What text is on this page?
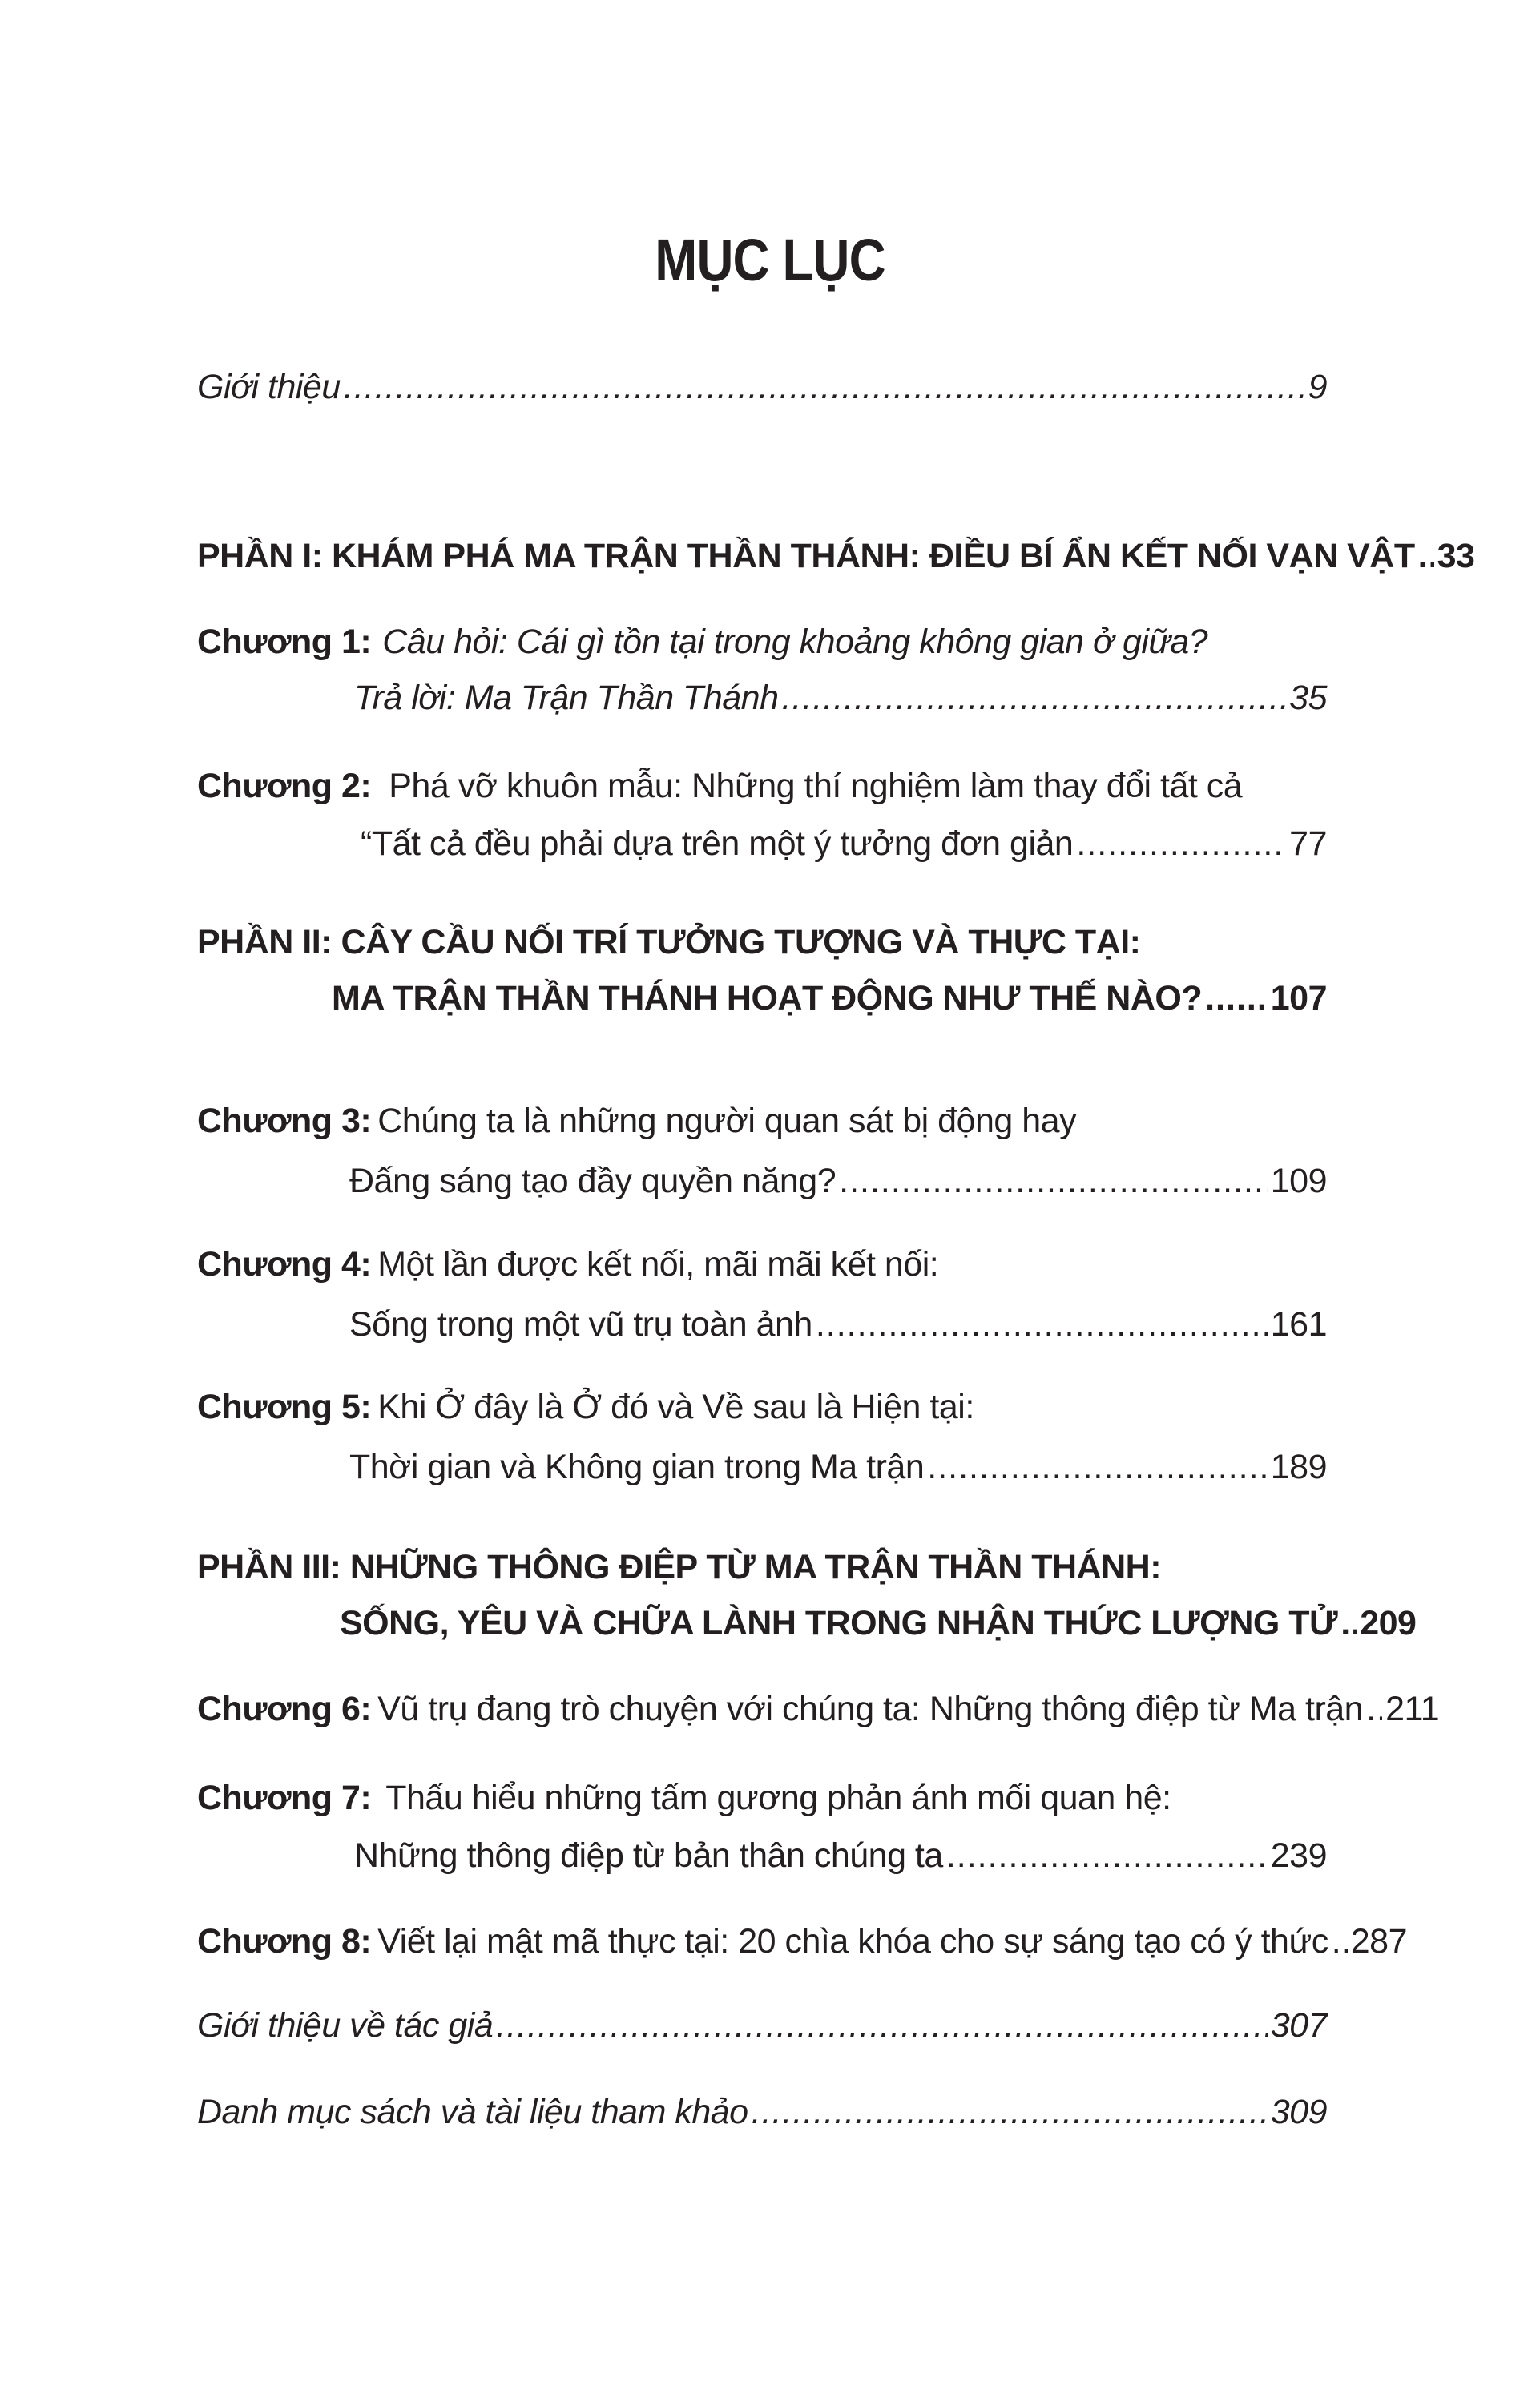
MỤC LỤC
Giới thiệu .....	9
PHẦN I: KHÁM PHÁ MA TRẬN THẦN THÁNH: ĐIỀU BÍ ẨN KẾT NỐI VẠN VẬT ..... 33
Chương 1: Câu hỏi: Cái gì tồn tại trong khoảng không gian ở giữa?
Trả lời: Ma Trận Thần Thánh .....	35
Chương 2: Phá vỡ khuôn mẫu: Những thí nghiệm làm thay đổi tất cả
“Tất cả đều phải dựa trên một ý tưởng đơn giản .....	77
PHẦN II: CÂY CẦU NỐI TRÍ TƯỞNG TƯỢNG VÀ THỰC TẠI:
MA TRẬN THẦN THÁNH HOẠT ĐỘNG NHƯ THẾ NÀO? ..... 107
Chương 3: Chúng ta là những người quan sát bị động hay
Đấng sáng tạo đầy quyền năng? .....	109
Chương 4: Một lần được kết nối, mãi mãi kết nối:
Sống trong một vũ trụ toàn ảnh .....	161
Chương 5: Khi Ở đây là Ở đó và Về sau là Hiện tại:
Thời gian và Không gian trong Ma trận .....	189
PHẦN III: NHỮNG THÔNG ĐIỆP TỪ MA TRẬN THẦN THÁNH:
SỐNG, YÊU VÀ CHỮA LÀNH TRONG NHẬN THỨC LƯỢNG TỬ ..... 209
Chương 6: Vũ trụ đang trò chuyện với chúng ta: Những thông điệp từ Ma trận ..... 211
Chương 7: Thấu hiểu những tấm gương phản ánh mối quan hệ:
Những thông điệp từ bản thân chúng ta .....	239
Chương 8: Viết lại mật mã thực tại: 20 chìa khóa cho sự sáng tạo có ý thức ..... 287
Giới thiệu về tác giả .....	307
Danh mục sách và tài liệu tham khảo .....	309
